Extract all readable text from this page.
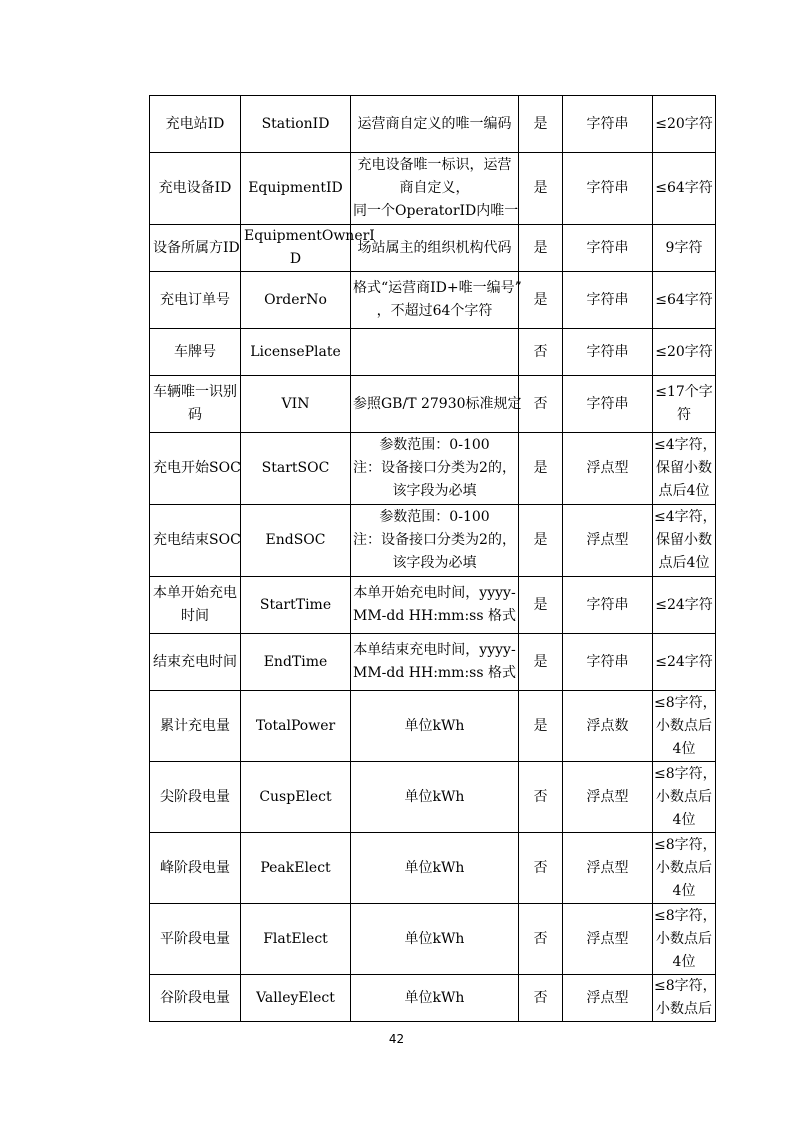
充电站ID	StationID	运营商自定义的唯一编码	是	字符串	≤20字符

充电设备ID	EquipmentID	充电设备唯一标识，运营
商自定义，
同一个OperatorID内唯一	是	字符串	≤64字符

设备所属方ID	EquipmentOwnerI
D	场站属主的组织机构代码	是	字符串	9字符

充电订单号	OrderNo	格式“运营商ID+唯一编号”
，不超过64个字符	是	字符串	≤64字符

车牌号	LicensePlate		否	字符串	≤20字符

车辆唯一识别
码	VIN	参照GB/T 27930标准规定	否	字符串	≤17个字
符

充电开始SOC	StartSOC	参数范围：0-100
注：设备接口分类为2的，
该字段为必填	是	浮点型	≤4字符，
保留小数
点后4位

充电结束SOC	EndSOC	参数范围：0-100
注：设备接口分类为2的，
该字段为必填	是	浮点型	≤4字符，
保留小数
点后4位

本单开始充电
时间	StartTime	本单开始充电时间，yyyy-
MM-dd HH:mm:ss 格式	是	字符串	≤24字符

结束充电时间	EndTime	本单结束充电时间，yyyy-
MM-dd HH:mm:ss 格式	是	字符串	≤24字符

累计充电量	TotalPower	单位kWh	是	浮点数	≤8字符，
小数点后
4位

尖阶段电量	CuspElect	单位kWh	否	浮点型	≤8字符，
小数点后
4位

峰阶段电量	PeakElect	单位kWh	否	浮点型	≤8字符，
小数点后
4位

平阶段电量	FlatElect	单位kWh	否	浮点型	≤8字符，
小数点后
4位

谷阶段电量	ValleyElect	单位kWh	否	浮点型	≤8字符，
小数点后
42
